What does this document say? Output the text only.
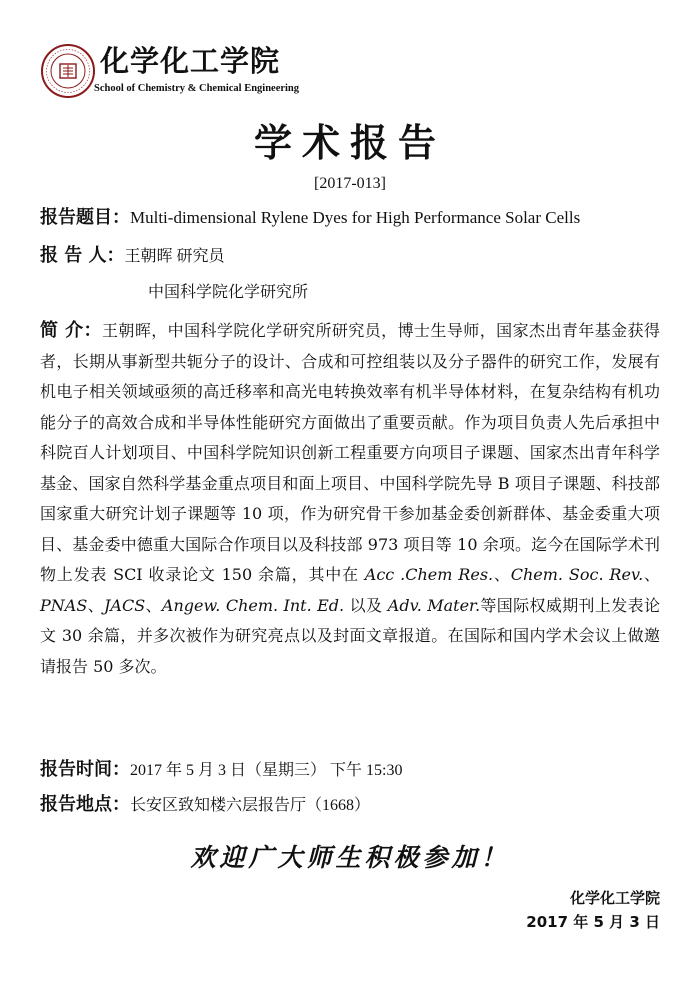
化学化工学院
School of Chemistry & Chemical Engineering
学术报告
[2017-013]
报告题目：Multi-dimensional Rylene Dyes for High Performance Solar Cells
报 告 人：王朝晖 研究员
中国科学院化学研究所
简 介：王朝晖，中国科学院化学研究所研究员，博士生导师，国家杰出青年基金获得者，长期从事新型共轭分子的设计、合成和可控组装以及分子器件的研究工作，发展有机电子相关领域亟须的高迁移率和高光电转换效率有机半导体材料，在复杂结构有机功能分子的高效合成和半导体性能研究方面做出了重要贡献。作为项目负责人先后承担中科院百人计划项目、中国科学院知识创新工程重要方向项目子课题、国家杰出青年科学基金、国家自然科学基金重点项目和面上项目、中国科学院先导 B 项目子课题、科技部国家重大研究计划子课题等 10 项，作为研究骨干参加基金委创新群体、基金委重大项目、基金委中德重大国际合作项目以及科技部 973 项目等 10 余项。迄今在国际学术刊物上发表 SCI 收录论文 150 余篇，其中在 Acc .Chem Res.、Chem. Soc. Rev.、PNAS、JACS、Angew. Chem. Int. Ed. 以及 Adv. Mater.等国际权威期刊上发表论文 30 余篇，并多次被作为研究亮点以及封面文章报道。在国际和国内学术会议上做邀请报告 50 多次。
报告时间：2017 年 5 月 3 日（星期三） 下午 15:30
报告地点：长安区致知楼六层报告厅（1668）
欢迎广大师生积极参加！
化学化工学院
2017 年 5 月 3 日
